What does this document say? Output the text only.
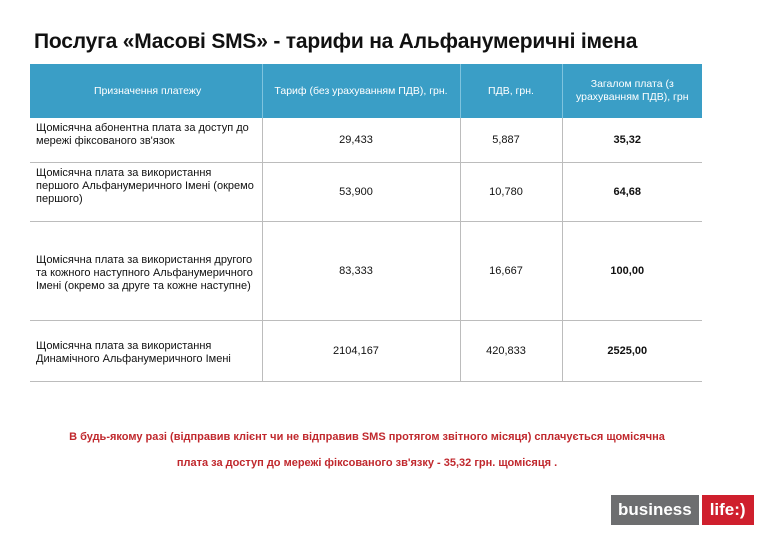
Послуга «Масові SMS» - тарифи на Альфанумеричні імена
Призначення платежу	Тариф (без урахуванням ПДВ), грн.	ПДВ, грн.	Загалом плата (з урахуванням ПДВ), грн
Щомісячна абонентна плата за доступ до мережі фіксованого зв'язок	29,433	5,887	35,32
Щомісячна плата за використання першого Альфанумеричного Імені (окремо першого)	53,900	10,780	64,68
Щомісячна плата за використання другого та кожного наступного Альфанумеричного Імені (окремо за друге та кожне наступне)	83,333	16,667	100,00
Щомісячна плата за використання Динамічного Альфанумеричного Імені	2104,167	420,833	2525,00
В будь-якому разі (відправив клієнт чи не відправив SMS протягом звітного місяця) сплачується щомісячна
плата за доступ до мережі фіксованого зв'язку - 35,32 грн. щомісяця .
business	life:)
